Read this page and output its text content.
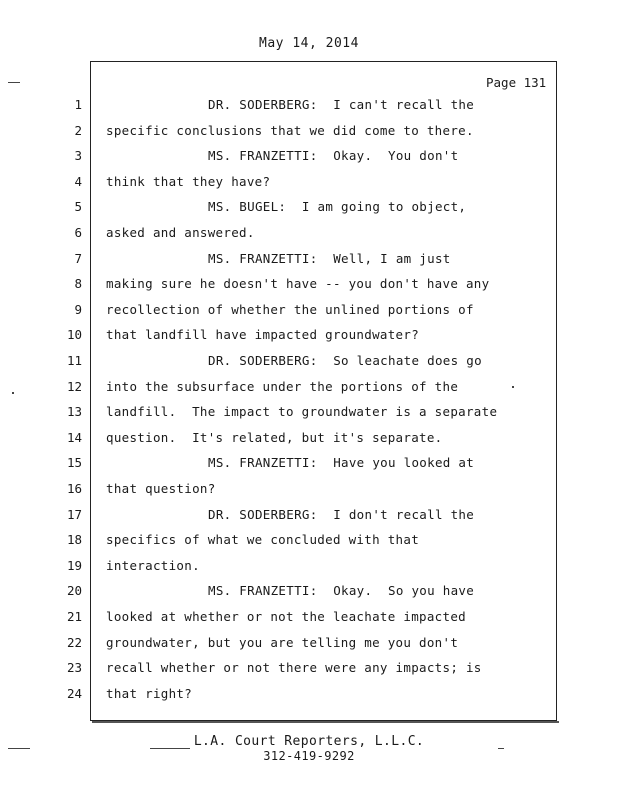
May 14, 2014
Page 131
1	DR. SODERBERG:  I can't recall the
2 specific conclusions that we did come to there.
3	MS. FRANZETTI:  Okay.  You don't
4 think that they have?
5	MS. BUGEL:  I am going to object,
6 asked and answered.
7	MS. FRANZETTI:  Well, I am just
8 making sure he doesn't have -- you don't have any
9 recollection of whether the unlined portions of
10 that landfill have impacted groundwater?
11	DR. SODERBERG:  So leachate does go
12 into the subsurface under the portions of the
13 landfill.  The impact to groundwater is a separate
14 question.  It's related, but it's separate.
15	MS. FRANZETTI:  Have you looked at
16 that question?
17	DR. SODERBERG:  I don't recall the
18 specifics of what we concluded with that
19 interaction.
20	MS. FRANZETTI:  Okay.  So you have
21 looked at whether or not the leachate impacted
22 groundwater, but you are telling me you don't
23 recall whether or not there were any impacts; is
24 that right?
L.A. Court Reporters, L.L.C.
312-419-9292
